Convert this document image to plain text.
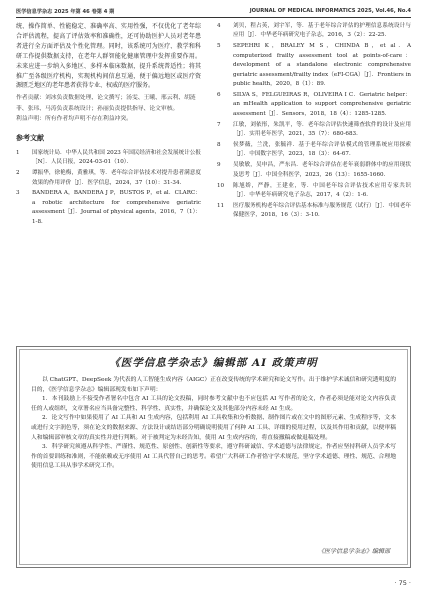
医学信息学杂志 2025 年第 46 卷第 4 期	JOURNAL OF MEDICAL INFORMATICS 2025, Vol.46, No.4

统、操作简单、性能稳定、准确率高、实用性强，不仅优化了老年综合评估流程，提高了评估效率和准确性，还可协助医护人员对老年患者进行全方面评估及个性化管理。同时，该系统可为医疗、教学和科研工作提供数据支持，在老年人群智能化健康管理中发挥重要作用。未来应进一步纳入多地区、多样本临床数据，提升系统普适性；将其推广至各级医疗机构，实现机构间信息互通，便于偏远地区或医疗资源匮乏地区的老年患者获得专业、权威的医疗服务。

作者贡献：刘冰负责数据处理、论文撰写；汤雯、王曦、邢云利、胡涟菲、张玮、马涛负责系统设计；孙丽负责提供指导、论文审核。
利益声明：所有作者均声明不存在利益冲突。
参考文献
1	国家统计局．中华人民共和国 2023 年国民经济和社会发展统计公报［N］．人民日报，2024-03-01（10）．
2	谭振华，徐艳梅，黄雅琪，等．老年综合评估技术对提升患者满意度效果的作用评价［J］．医学信息，2024，37（10）：31-34．
3	BANDERA A，BANDERA J P，BUSTOS P，et al．CLARC：a robotic architecture for comprehensive geriatric assessment［J］．Journal of physical agents，2016，7（1）：1-8．
4	刘贝，程占英，刘宇军，等．基于老年综合评估的护理信息系统设计与应用［J］．中华老年病研究电子杂志，2016，3（2）：22-25．
5	SEPEHRI K，BRALEY M S，CHINDA B，et al．A computerized frailty assessment tool at points-of-care：development of a standalone electronic comprehensive geriatric assessment/frailty index（eFI-CGA）［J］．Frontiers in public health，2020，8（1）：89．
6	SILVA S，FELGUEIRAS R，OLIVEIRA I C．Geriatric helper：an mHealth application to support comprehensive geriatric assessment［J］．Sensors，2018，18（4）：1285-1285．
7	江敏，刘依彤，朱凯平，等．老年综合评估快速筛查软件的设计及应用［J］．实用老年医学，2021，35（7）：680-683．
8	侯梦薇，兰洗，张毓祥．基于老年综合评估模式的管理系统应用探索［J］．中国数字医学，2023，18（3）：64-67．
9	吴敏敏，吴申昌，严东昌．老年综合评估在老年衰弱群体中的应用现状及思考［J］．中国全科医学，2023，26（13）：1655-1660．
10	陈旭娇，严静，王建业，等．中国老年综合评估技术应用专家共识［J］．中华老年病研究电子杂志，2017，4（2）：1-6．
11	医疗服务机构老年综合评估基本标准与服务规范（试行）［J］．中国老年保健医学，2018，16（3）：3-10．
《医学信息学杂志》编辑部 AI 政策声明

以 ChatGPT、DeepSeek 为代表的人工智能生成内容（AIGC）正在改变传统的学术研究和论文写作。出于维护学术诚信和研究透明度的目的，《医学信息学杂志》编辑部现发布如下声明：

1．本刊鼓励上不接受作者署名中包含 AI 工具的论文投稿，同时参考文献中也不应包括 AI 写作者的论文，作者必须是能对论文内容负责任的人或组织，文章署名应当具备完整性、科学性、真实性，并确保论文及其他部分内容未经 AI 生成。

2．论文写作中如果使用了 AI 工具和 AI 生成内容，包括利用 AI 工具收集和分析数据、制作图片或在文中的图形元素、生成程序等，文本或进行文字润色等，须在论文的数据来源、方法设计或结语部分明确说明使用了何种 AI 工具、详细的使用过程，以及其作用和贡献，以便审稿人和编辑部审核文章的真实性并进行判断。对于被判定为未经告知，使用 AI 生成内容的，将直接撤稿或做退稿处理。

3．科学研究须遵从科学性、严谨性、规范性、原创性、创新性等要求，遵守科研诚信、学术道德与法律规定，作者应坚持科研人员学术写作的首要训练和准则，不能依赖或无序使用 AI 工具代替自己的思考。希望广大科研工作者恪守学术规范，坚守学术道德、理性、规范、合理地使用信息工具从事学术研究工作。

《医学信息学杂志》编辑部
· 75 ·
